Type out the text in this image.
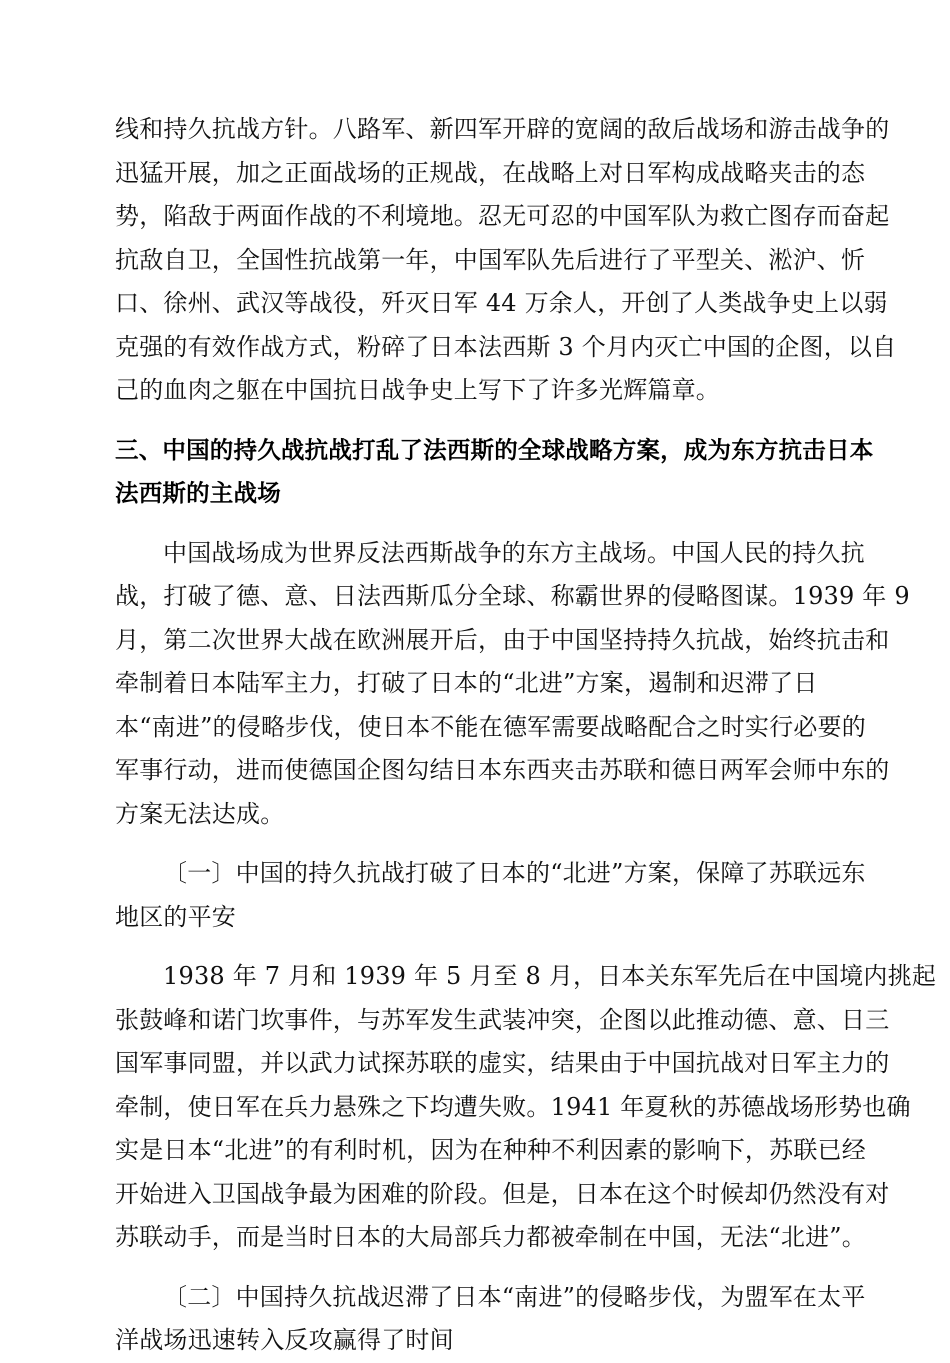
线和持久抗战方针。八路军、新四军开辟的宽阔的敌后战场和游击战争的
迅猛开展，加之正面战场的正规战，在战略上对日军构成战略夹击的态
势，陷敌于两面作战的不利境地。忍无可忍的中国军队为救亡图存而奋起
抗敌自卫，全国性抗战第一年，中国军队先后进行了平型关、淞沪、忻
口、徐州、武汉等战役，歼灭日军 44 万余人，开创了人类战争史上以弱
克强的有效作战方式，粉碎了日本法西斯 3 个月内灭亡中国的企图，以自
己的血肉之躯在中国抗日战争史上写下了许多光辉篇章。

三、中国的持久战抗战打乱了法西斯的全球战略方案，成为东方抗击日本
法西斯的主战场

中国战场成为世界反法西斯战争的东方主战场。中国人民的持久抗
战，打破了德、意、日法西斯瓜分全球、称霸世界的侵略图谋。1939 年 9
月，第二次世界大战在欧洲展开后，由于中国坚持持久抗战，始终抗击和
牵制着日本陆军主力，打破了日本的“北进”方案，遏制和迟滞了日
本“南进”的侵略步伐，使日本不能在德军需要战略配合之时实行必要的
军事行动，进而使德国企图勾结日本东西夹击苏联和德日两军会师中东的
方案无法达成。

〔一〕中国的持久抗战打破了日本的“北进”方案，保障了苏联远东
地区的平安

1938 年 7 月和 1939 年 5 月至 8 月，日本关东军先后在中国境内挑起
张鼓峰和诺门坎事件，与苏军发生武装冲突，企图以此推动德、意、日三
国军事同盟，并以武力试探苏联的虚实，结果由于中国抗战对日军主力的
牵制，使日军在兵力悬殊之下均遭失败。1941 年夏秋的苏德战场形势也确
实是日本“北进”的有利时机，因为在种种不利因素的影响下，苏联已经
开始进入卫国战争最为困难的阶段。但是，日本在这个时候却仍然没有对
苏联动手，而是当时日本的大局部兵力都被牵制在中国，无法“北进”。

〔二〕中国持久抗战迟滞了日本“南进”的侵略步伐，为盟军在太平
洋战场迅速转入反攻赢得了时间
